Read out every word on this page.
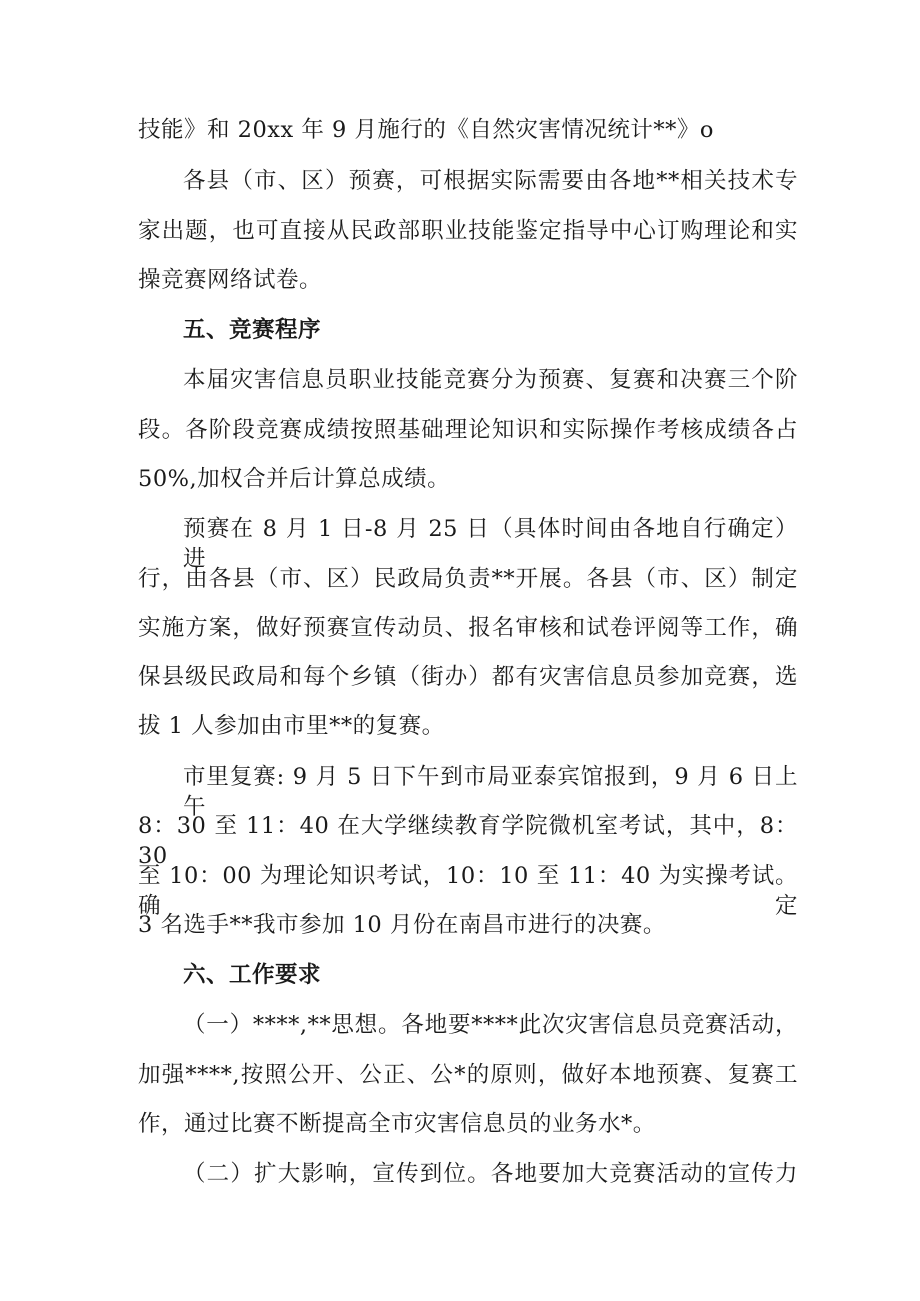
技能》和 20xx 年 9 月施行的《自然灾害情况统计**》o
各县（市、区）预赛，可根据实际需要由各地**相关技术专
家出题，也可直接从民政部职业技能鉴定指导中心订购理论和实
操竞赛网络试卷。
五、竞赛程序
本届灾害信息员职业技能竞赛分为预赛、复赛和决赛三个阶
段。各阶段竞赛成绩按照基础理论知识和实际操作考核成绩各占
50%,加权合并后计算总成绩。
预赛在 8 月 1 日-8 月 25 日（具体时间由各地自行确定）进
行，由各县（市、区）民政局负责**开展。各县（市、区）制定
实施方案，做好预赛宣传动员、报名审核和试卷评阅等工作，确
保县级民政局和每个乡镇（街办）都有灾害信息员参加竞赛，选
拔 1 人参加由市里**的复赛。
市里复赛: 9 月 5 日下午到市局亚泰宾馆报到，9 月 6 日上午
8：30 至 11：40 在大学继续教育学院微机室考试，其中，8：30
至 10：00 为理论知识考试，10：10 至 11：40 为实操考试。确定
3 名选手**我市参加 10 月份在南昌市进行的决赛。
六、工作要求
（一）****,**思想。各地要****此次灾害信息员竞赛活动，
加强****,按照公开、公正、公*的原则，做好本地预赛、复赛工
作，通过比赛不断提高全市灾害信息员的业务水*。
（二）扩大影响，宣传到位。各地要加大竞赛活动的宣传力
